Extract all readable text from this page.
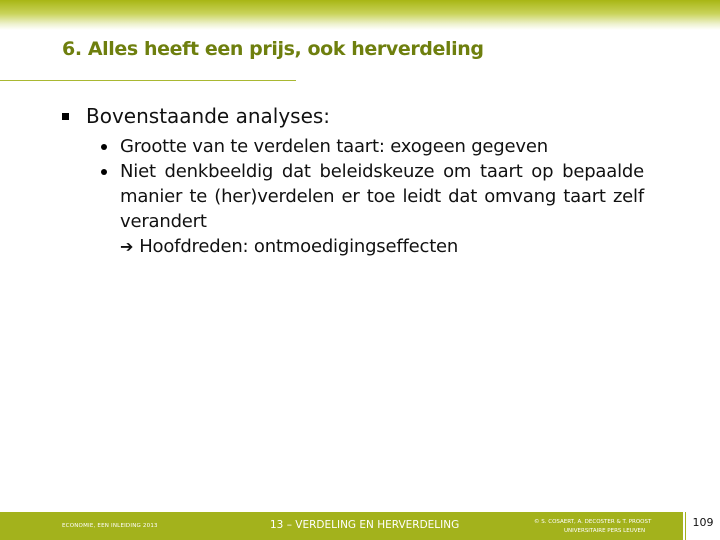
6. Alles heeft een prijs, ook herverdeling
Bovenstaande analyses:
Grootte van te verdelen taart: exogeen gegeven
Niet denkbeeldig dat beleidskeuze om taart op bepaalde
manier te (her)verdelen er toe leidt dat omvang taart zelf
verandert
➔ Hoofdreden: ontmoedigingseffecten
ECONOMIE, EEN INLEIDING 2013	13 – VERDELING EN HERVERDELING	© S. COSAERT, A. DECOSTER & T. PROOST
UNIVERSITAIRE PERS LEUVEN
109
